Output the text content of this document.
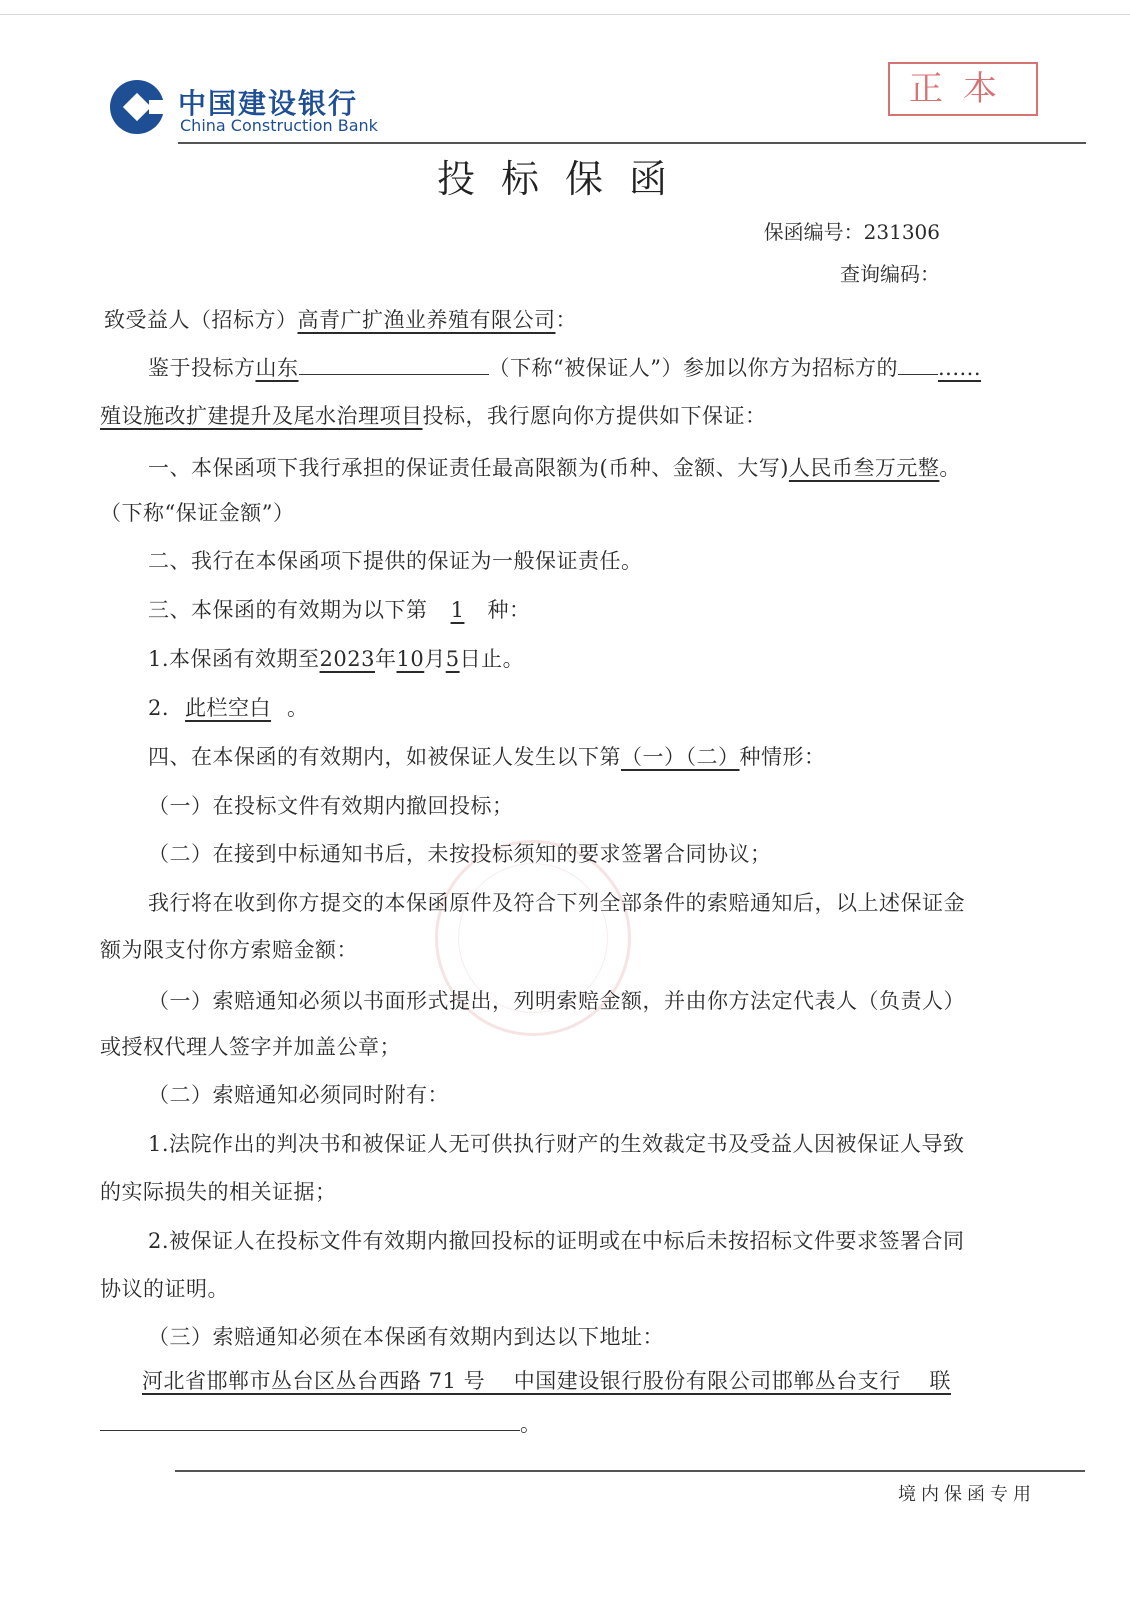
中国建设银行
China Construction Bank
正本
投标保函
保函编号：231306
查询编码：
致受益人（招标方）高青广扩渔业养殖有限公司：
鉴于投标方山东	（下称“被保证人”）参加以你方为招标方的 ......
殖设施改扩建提升及尾水治理项目投标，我行愿向你方提供如下保证：
一、本保函项下我行承担的保证责任最高限额为(币种、金额、大写)人民币叁万元整。
（下称“保证金额”）
二、我行在本保函项下提供的保证为一般保证责任。
三、本保函的有效期为以下第 1 种：
1.本保函有效期至2023年10月5日止。
2. 此栏空白 。
四、在本保函的有效期内，如被保证人发生以下第（一）（二）种情形：
（一）在投标文件有效期内撤回投标；
（二）在接到中标通知书后，未按投标须知的要求签署合同协议；
我行将在收到你方提交的本保函原件及符合下列全部条件的索赔通知后，以上述保证金
额为限支付你方索赔金额：
（一）索赔通知必须以书面形式提出，列明索赔金额，并由你方法定代表人（负责人）
或授权代理人签字并加盖公章；
（二）索赔通知必须同时附有：
1.法院作出的判决书和被保证人无可供执行财产的生效裁定书及受益人因被保证人导致
的实际损失的相关证据；
2.被保证人在投标文件有效期内撤回投标的证明或在中标后未按招标文件要求签署合同
协议的证明。
（三）索赔通知必须在本保函有效期内到达以下地址：
河北省邯郸市丛台区丛台西路 71 号    中国建设银行股份有限公司邯郸丛台支行    联
。
境内保函专用
